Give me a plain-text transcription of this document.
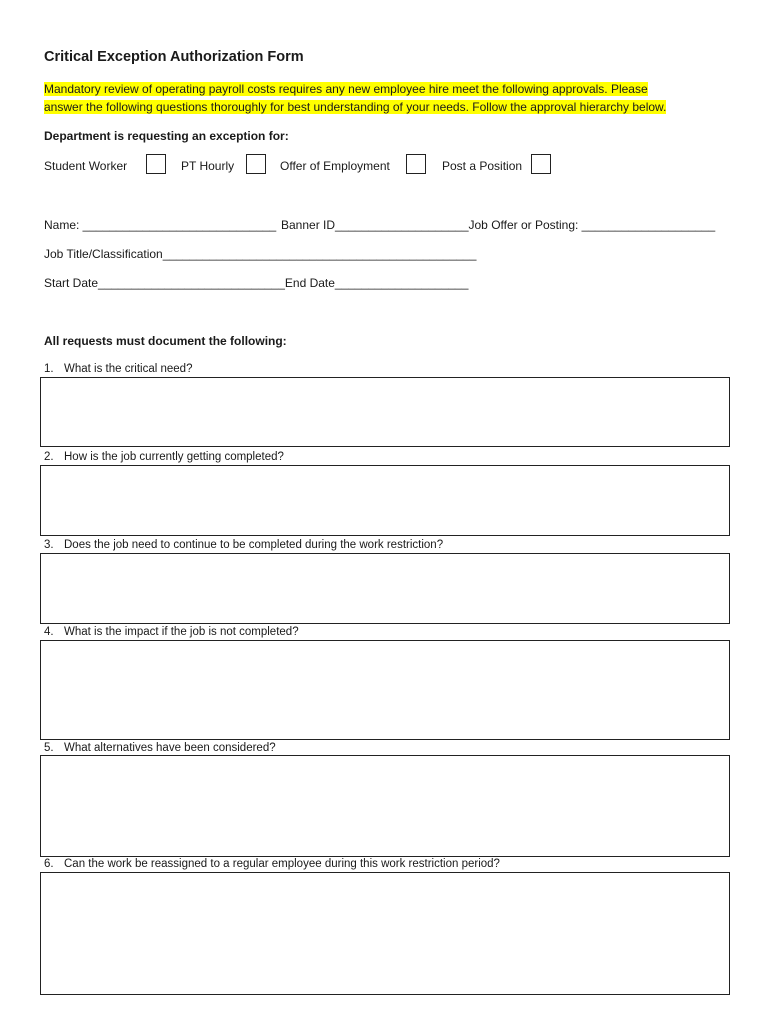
Critical Exception Authorization Form
Mandatory review of operating payroll costs requires any new employee hire meet the following approvals. Please
answer the following questions thoroughly for best understanding of your needs. Follow the approval hierarchy below.
Department is requesting an exception for:
Student Worker	PT Hourly	Offer of Employment	Post a Position
Name: _____________________________ Banner ID____________________Job Offer or Posting: ____________________
Job Title/Classification_______________________________________________
Start Date____________________________End Date____________________
All requests must document the following:
1. What is the critical need?
2. How is the job currently getting completed?
3. Does the job need to continue to be completed during the work restriction?
4. What is the impact if the job is not completed?
5. What alternatives have been considered?
6. Can the work be reassigned to a regular employee during this work restriction period?
